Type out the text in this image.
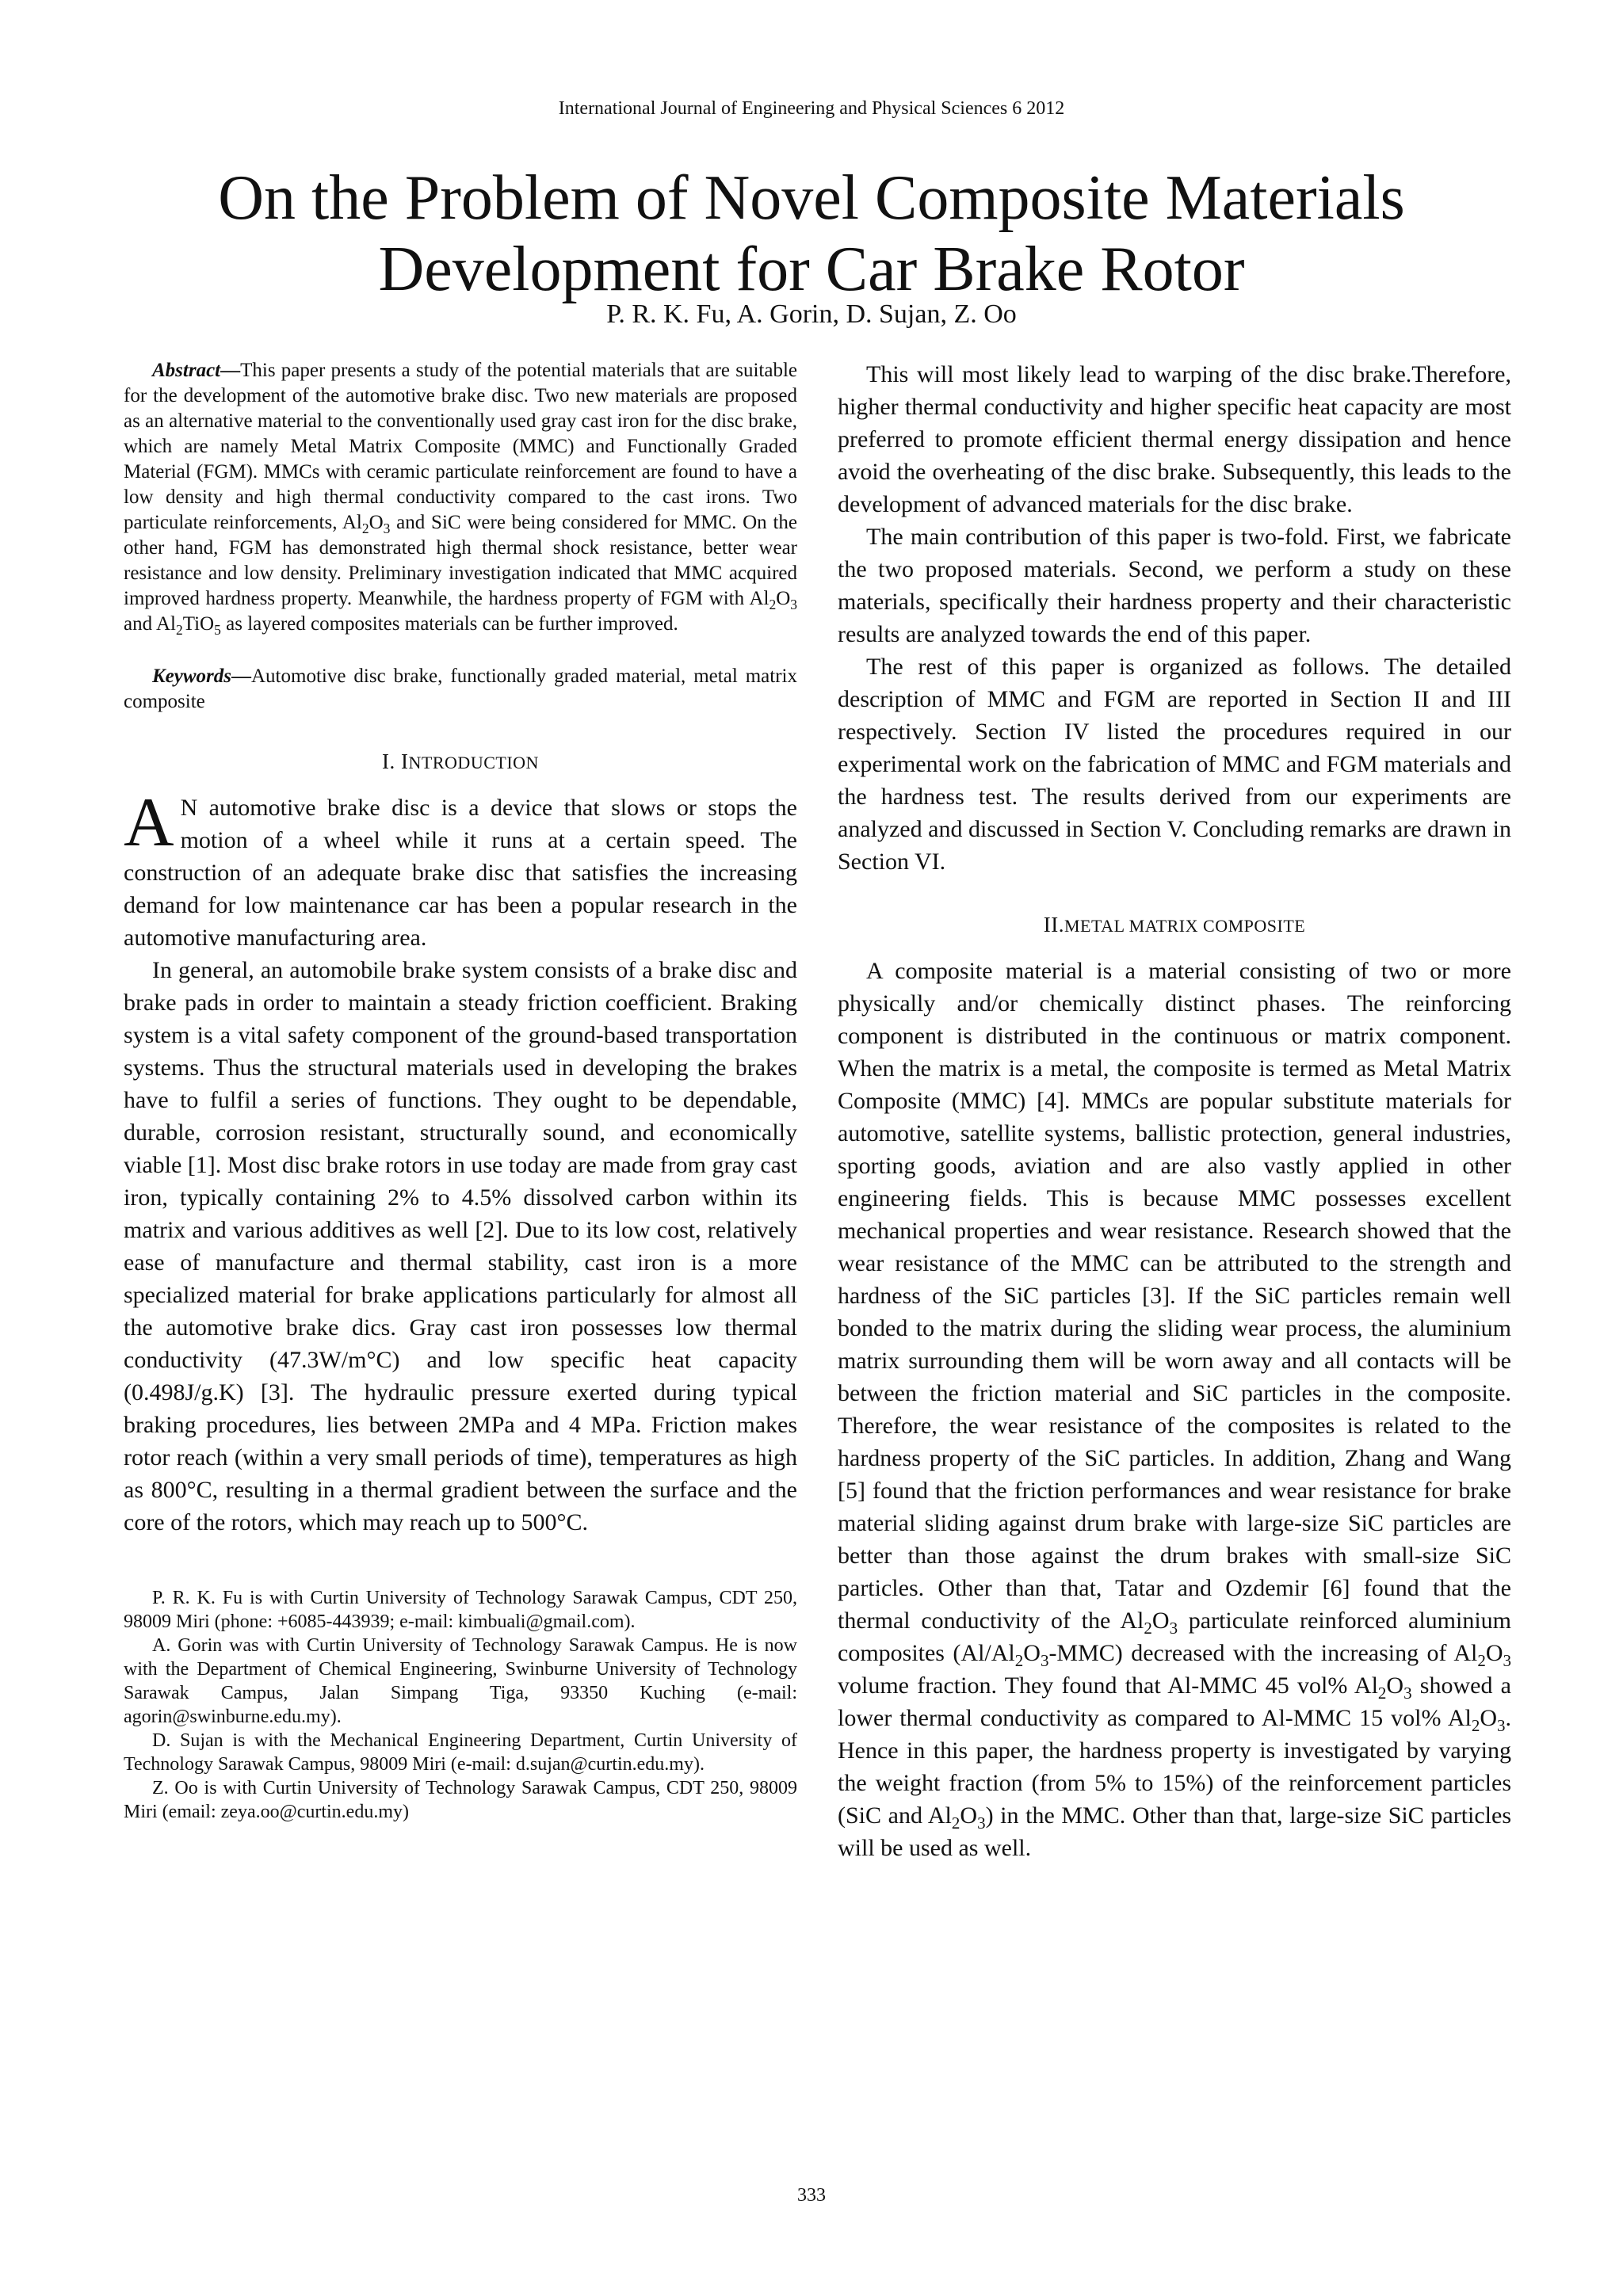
International Journal of Engineering and Physical Sciences 6 2012
On the Problem of Novel Composite Materials Development for Car Brake Rotor
P. R. K. Fu, A. Gorin, D. Sujan, Z. Oo

Abstract—This paper presents a study of the potential materials that are suitable for the development of the automotive brake disc. Two new materials are proposed as an alternative material to the conventionally used gray cast iron for the disc brake, which are namely Metal Matrix Composite (MMC) and Functionally Graded Material (FGM). MMCs with ceramic particulate reinforcement are found to have a low density and high thermal conductivity compared to the cast irons. Two particulate reinforcements, $Al_2O_3$ and SiC were being considered for MMC. On the other hand, FGM has demonstrated high thermal shock resistance, better wear resistance and low density. Preliminary investigation indicated that MMC acquired improved hardness property. Meanwhile, the hardness property of FGM with $Al_2O_3$ and $Al_2TiO_5$ as layered composites materials can be further improved.

Keywords—Automotive disc brake, functionally graded material, metal matrix composite

I. INTRODUCTION

A N automotive brake disc is a device that slows or stops the motion of a wheel while it runs at a certain speed. The construction of an adequate brake disc that satisfies the increasing demand for low maintenance car has been a popular research in the automotive manufacturing area.

In general, an automobile brake system consists of a brake disc and brake pads in order to maintain a steady friction coefficient. Braking system is a vital safety component of the ground-based transportation systems. Thus the structural materials used in developing the brakes have to fulfil a series of functions. They ought to be dependable, durable, corrosion resistant, structurally sound, and economically viable [1]. Most disc brake rotors in use today are made from gray cast iron, typically containing 2% to 4.5% dissolved carbon within its matrix and various additives as well [2]. Due to its low cost, relatively ease of manufacture and thermal stability, cast iron is a more specialized material for brake applications particularly for almost all the automotive brake dics. Gray cast iron possesses low thermal conductivity (47.3W/m°C) and low specific heat capacity (0.498J/g.K) [3]. The hydraulic pressure exerted during typical braking procedures, lies between 2MPa and 4 MPa. Friction makes rotor reach (within a very small periods of time), temperatures as high as 800°C, resulting in a thermal gradient between the surface and the core of the rotors, which may reach up to 500°C.

P. R. K. Fu is with Curtin University of Technology Sarawak Campus, CDT 250, 98009 Miri (phone: +6085-443939; e-mail: kimbuali@gmail.com).

A. Gorin was with Curtin University of Technology Sarawak Campus. He is now with the Department of Chemical Engineering, Swinburne University of Technology Sarawak Campus, Jalan Simpang Tiga, 93350 Kuching (e-mail: agorin@swinburne.edu.my).

D. Sujan is with the Mechanical Engineering Department, Curtin University of Technology Sarawak Campus, 98009 Miri (e-mail: d.sujan@curtin.edu.my).

Z. Oo is with Curtin University of Technology Sarawak Campus, CDT 250, 98009 Miri (email: zeya.oo@curtin.edu.my)

This will most likely lead to warping of the disc brake.Therefore, higher thermal conductivity and higher specific heat capacity are most preferred to promote efficient thermal energy dissipation and hence avoid the overheating of the disc brake. Subsequently, this leads to the development of advanced materials for the disc brake.

The main contribution of this paper is two-fold. First, we fabricate the two proposed materials. Second, we perform a study on these materials, specifically their hardness property and their characteristic results are analyzed towards the end of this paper.

The rest of this paper is organized as follows. The detailed description of MMC and FGM are reported in Section II and III respectively. Section IV listed the procedures required in our experimental work on the fabrication of MMC and FGM materials and the hardness test. The results derived from our experiments are analyzed and discussed in Section V. Concluding remarks are drawn in Section VI.

II.METAL MATRIX COMPOSITE

A composite material is a material consisting of two or more physically and/or chemically distinct phases. The reinforcing component is distributed in the continuous or matrix component. When the matrix is a metal, the composite is termed as Metal Matrix Composite (MMC) [4]. MMCs are popular substitute materials for automotive, satellite systems, ballistic protection, general industries, sporting goods, aviation and are also vastly applied in other engineering fields. This is because MMC possesses excellent mechanical properties and wear resistance. Research showed that the wear resistance of the MMC can be attributed to the strength and hardness of the SiC particles [3]. If the SiC particles remain well bonded to the matrix during the sliding wear process, the aluminium matrix surrounding them will be worn away and all contacts will be between the friction material and SiC particles in the composite. Therefore, the wear resistance of the composites is related to the hardness property of the SiC particles. In addition, Zhang and Wang [5] found that the friction performances and wear resistance for brake material sliding against drum brake with large-size SiC particles are better than those against the drum brakes with small-size SiC particles. Other than that, Tatar and Ozdemir [6] found that the thermal conductivity of the $Al_2O_3$ particulate reinforced aluminium composites $(Al/Al_2O_3-MMC)$ decreased with the increasing of $Al_2O_3$ volume fraction. They found that Al-MMC 45 vol% $Al_2O_3$ showed a lower thermal conductivity as compared to Al-MMC 15 vol% $Al_2O_3$. Hence in this paper, the hardness property is investigated by varying the weight fraction (from 5% to 15%) of the reinforcement particles (SiC and $Al_2O_3$) in the MMC. Other than that, large-size SiC particles will be used as well.

333
